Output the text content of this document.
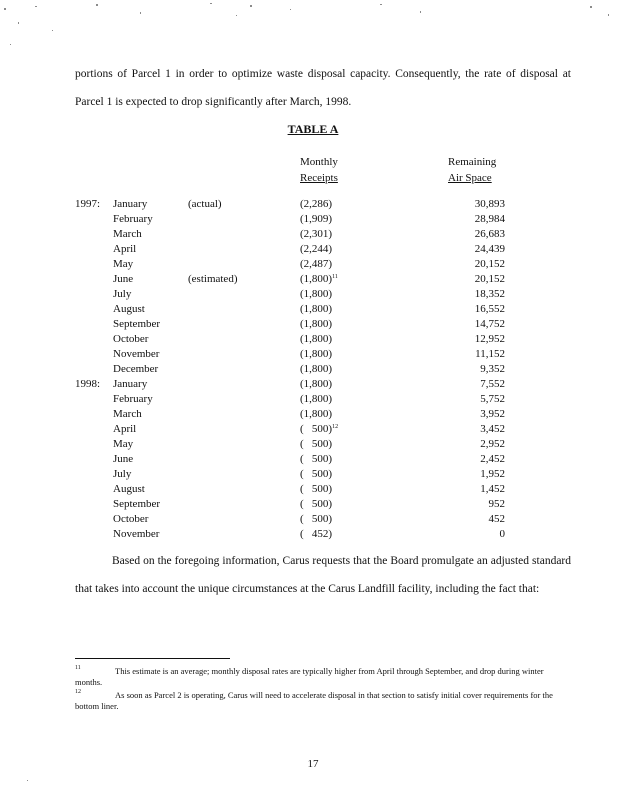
portions of Parcel 1 in order to optimize waste disposal capacity. Consequently, the rate of disposal at Parcel 1 is expected to drop significantly after March, 1998.
TABLE A
Monthly
Receipts
Remaining
Air Space
1997:	January	(actual)	(2,286)	30,893
	February		(1,909)	28,984
	March		(2,301)	26,683
	April		(2,244)	24,439
	May		(2,487)	20,152
	June	(estimated)	$(1,800)^{11}$	20,152
	July		(1,800)	18,352
	August		(1,800)	16,552
	September		(1,800)	14,752
	October		(1,800)	12,952
	November		(1,800)	11,152
	December		(1,800)	9,352
1998:	January		(1,800)	7,552
	February		(1,800)	5,752
	March		(1,800)	3,952
	April		(   500)$^{12}$	3,452
	May		(   500)	2,952
	June		(   500)	2,452
	July		(   500)	1,952
	August		(   500)	1,452
	September		(   500)	952
	October		(   500)	452
	November		(   452)	0
Based on the foregoing information, Carus requests that the Board promulgate an adjusted standard that takes into account the unique circumstances at the Carus Landfill facility, including the fact that:
11	This estimate is an average; monthly disposal rates are typically higher from April through September, and drop during winter months.
12	As soon as Parcel 2 is operating, Carus will need to accelerate disposal in that section to satisfy initial cover requirements for the bottom liner.
17
